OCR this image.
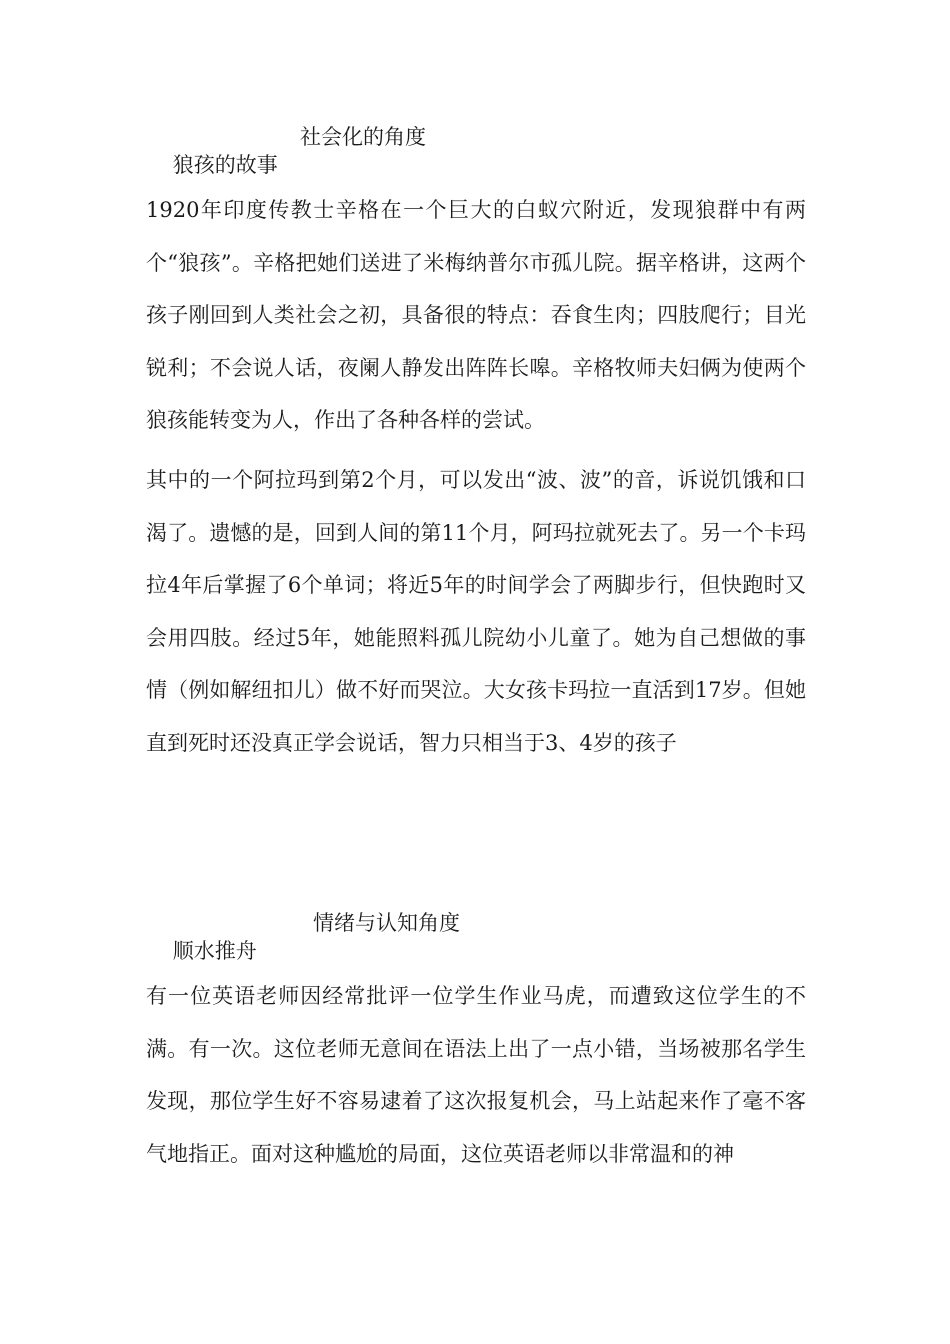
狼孩的故事

社会化的角度

1920年印度传教士辛格在一个巨大的白蚁穴附近，发现狼群中有两个“狼孩”。辛格把她们送进了米梅纳普尔市孤儿院。据辛格讲，这两个孩子刚回到人类社会之初，具备很的特点：吞食生肉；四肢爬行；目光锐利；不会说人话，夜阑人静发出阵阵长嗥。辛格牧师夫妇俩为使两个狼孩能转变为人，作出了各种各样的尝试。

其中的一个阿拉玛到第2个月，可以发出“波、波”的音，诉说饥饿和口渴了。遗憾的是，回到人间的第11个月，阿玛拉就死去了。另一个卡玛拉4年后掌握了6个单词；将近5年的时间学会了两脚步行，但快跑时又会用四肢。经过5年，她能照料孤儿院幼小儿童了。她为自己想做的事情（例如解纽扣儿）做不好而哭泣。大女孩卡玛拉一直活到17岁。但她直到死时还没真正学会说话，智力只相当于3、4岁的孩子

顺水推舟

情绪与认知角度

有一位英语老师因经常批评一位学生作业马虎，而遭致这位学生的不满。有一次。这位老师无意间在语法上出了一点小错，当场被那名学生发现，那位学生好不容易逮着了这次报复机会，马上站起来作了毫不客气地指正。面对这种尴尬的局面，这位英语老师以非常温和的神
